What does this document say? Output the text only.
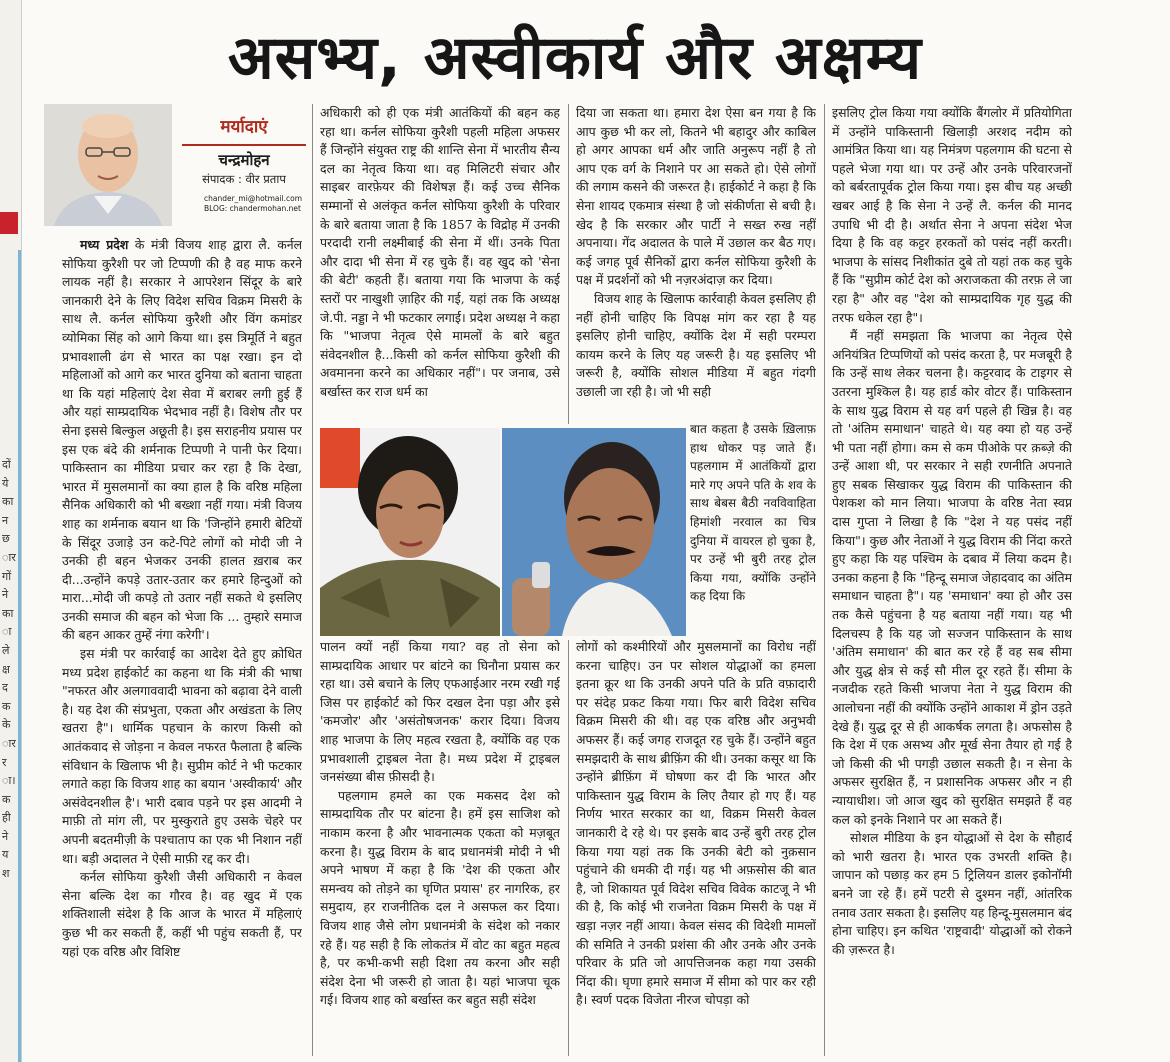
दों
ये
का
न
छ
ार
गों
ने
का
ा
ले
क्ष
द
क
के
ार
र
ा।
क
ही
ने
य
श
असभ्य, अस्वीकार्य और अक्षम्य
मर्यादाएं
चन्द्रमोहन
संपादक : वीर प्रताप
chander_mi@hotmail.com
BLOG: chandermohan.net

मध्य प्रदेश के मंत्री विजय शाह द्वारा लै. कर्नल सोफिया कुरैशी पर जो टिप्पणी की है वह माफ करने लायक नहीं है। सरकार ने आपरेशन सिंदूर के बारे जानकारी देने के लिए विदेश सचिव विक्रम मिसरी के साथ लै. कर्नल सोफिया कुरैशी और विंग कमांडर व्योमिका सिंह को आगे किया था। इस त्रिमूर्ति ने बहुत प्रभावशाली ढंग से भारत का पक्ष रखा। इन दो महिलाओं को आगे कर भारत दुनिया को बताना चाहता था कि यहां महिलाएं देश सेवा में बराबर लगी हुई हैं और यहां साम्प्रदायिक भेदभाव नहीं है। विशेष तौर पर सेना इससे बिल्कुल अछूती है। इस सराहनीय प्रयास पर इस एक बंदे की शर्मनाक टिप्पणी ने पानी फेर दिया। पाकिस्तान का मीडिया प्रचार कर रहा है कि देखा, भारत में मुसलमानों का क्या हाल है कि वरिष्ठ महिला सैनिक अधिकारी को भी बख्शा नहीं गया। मंत्री विजय शाह का शर्मनाक बयान था कि 'जिन्होंने हमारी बेटियों के सिंदूर उजाड़े उन कटे-पिटे लोगों को मोदी जी ने उनकी ही बहन भेजकर उनकी हालत ख़राब कर दी...उन्होंने कपड़े उतार-उतार कर हमारे हिन्दुओं को मारा...मोदी जी कपड़े तो उतार नहीं सकते थे इसलिए उनकी समाज की बहन को भेजा कि ... तुम्हारे समाज की बहन आकर तुम्हें नंगा करेगी'।

इस मंत्री पर कार्रवाई का आदेश देते हुए क्रोधित मध्य प्रदेश हाईकोर्ट का कहना था कि मंत्री की भाषा "नफरत और अलगाववादी भावना को बढ़ावा देने वाली है। यह देश की संप्रभुता, एकता और अखंडता के लिए खतरा है"। धार्मिक पहचान के कारण किसी को आतंकवाद से जोड़ना न केवल नफरत फैलाता है बल्कि संविधान के खिलाफ भी है। सुप्रीम कोर्ट ने भी फटकार लगाते कहा कि विजय शाह का बयान 'अस्वीकार्य' और असंवेदनशील है'। भारी दबाव पड़ने पर इस आदमी ने माफ़ी तो मांग ली, पर मुस्कुराते हुए उसके चेहरे पर अपनी बदतमीज़ी के पश्चाताप का एक भी निशान नहीं था। बड़ी अदालत ने ऐसी माफ़ी रद्द कर दी।

कर्नल सोफिया कुरैशी जैसी अधिकारी न केवल सेना बल्कि देश का गौरव है। वह खुद में एक शक्तिशाली संदेश है कि आज के भारत में महिलाएं कुछ भी कर सकती हैं, कहीं भी पहुंच सकती हैं, पर यहां एक वरिष्ठ और विशिष्ट

अधिकारी को ही एक मंत्री आतंकियों की बहन कह रहा था। कर्नल सोफिया कुरैशी पहली महिला अफसर हैं जिन्होंने संयुक्त राष्ट्र की शान्ति सेना में भारतीय सैन्य दल का नेतृत्व किया था। वह मिलिटरी संचार और साइबर वारफ़ेयर की विशेषज्ञ हैं। कई उच्च सैनिक सम्मानों से अलंकृत कर्नल सोफिया कुरैशी के परिवार के बारे बताया जाता है कि 1857 के विद्रोह में उनकी परदादी रानी लक्ष्मीबाई की सेना में थीं। उनके पिता और दादा भी सेना में रह चुके हैं। वह खुद को 'सेना की बेटी' कहती हैं। बताया गया कि भाजपा के कई स्तरों पर नाखुशी ज़ाहिर की गई, यहां तक कि अध्यक्ष जे.पी. नड्डा ने भी फटकार लगाई। प्रदेश अध्यक्ष ने कहा कि "भाजपा नेतृत्व ऐसे मामलों के बारे बहुत संवेदनशील है...किसी को कर्नल सोफिया कुरैशी की अवमानना करने का अधिकार नहीं"। पर जनाब, उसे बर्खास्त कर राज धर्म का

पालन क्यों नहीं किया गया? वह तो सेना को साम्प्रदायिक आधार पर बांटने का घिनौना प्रयास कर रहा था। उसे बचाने के लिए एफआईआर नरम रखी गई जिस पर हाईकोर्ट को फिर दखल देना पड़ा और इसे 'कमजोर' और 'असंतोषजनक' करार दिया। विजय शाह भाजपा के लिए महत्व रखता है, क्योंकि वह एक प्रभावशाली ट्राइबल नेता है। मध्य प्रदेश में ट्राइबल जनसंख्या बीस फ़ीसदी है।

पहलगाम हमले का एक मकसद देश को साम्प्रदायिक तौर पर बांटना है। हमें इस साजिश को नाकाम करना है और भावनात्मक एकता को मज़बूत करना है। युद्ध विराम के बाद प्रधानमंत्री मोदी ने भी अपने भाषण में कहा है कि 'देश की एकता और समन्वय को तोड़ने का घृणित प्रयास' हर नागरिक, हर समुदाय, हर राजनीतिक दल ने असफल कर दिया। विजय शाह जैसे लोग प्रधानमंत्री के संदेश को नकार रहे हैं। यह सही है कि लोकतंत्र में वोट का बहुत महत्व है, पर कभी-कभी सही दिशा तय करना और सही संदेश देना भी जरूरी हो जाता है। यहां भाजपा चूक गई। विजय शाह को बर्खास्त कर बहुत सही संदेश

दिया जा सकता था। हमारा देश ऐसा बन गया है कि आप कुछ भी कर लो, कितने भी बहादुर और काबिल हो अगर आपका धर्म और जाति अनुरूप नहीं है तो आप एक वर्ग के निशाने पर आ सकते हो। ऐसे लोगों की लगाम कसने की जरूरत है। हाईकोर्ट ने कहा है कि सेना शायद एकमात्र संस्था है जो संकीर्णता से बची है। खेद है कि सरकार और पार्टी ने सख्त रुख नहीं अपनाया। गेंद अदालत के पाले में उछाल कर बैठ गए। कई जगह पूर्व सैनिकों द्वारा कर्नल सोफिया कुरैशी के पक्ष में प्रदर्शनों को भी नज़रअंदाज़ कर दिया।

विजय शाह के खिलाफ कार्रवाही केवल इसलिए ही नहीं होनी चाहिए कि विपक्ष मांग कर रहा है यह इसलिए होनी चाहिए, क्योंकि देश में सही परम्परा कायम करने के लिए यह जरूरी है। यह इसलिए भी जरूरी है, क्योंकि सोशल मीडिया में बहुत गंदगी उछाली जा रही है। जो भी सही

बात कहता है उसके ख़िलाफ़ हाथ धोकर पड़ जाते हैं। पहलगाम में आतंकियों द्वारा मारे गए अपने पति के शव के साथ बेबस बैठी नवविवाहिता हिमांशी नरवाल का चित्र दुनिया में वायरल हो चुका है, पर उन्हें भी बुरी तरह ट्रोल किया गया, क्योंकि उन्होंने कह दिया कि

लोगों को कश्मीरियों और मुसलमानों का विरोध नहीं करना चाहिए। उन पर सोशल योद्धाओं का हमला इतना क्रूर था कि उनकी अपने पति के प्रति वफ़ादारी पर संदेह प्रकट किया गया। फिर बारी विदेश सचिव विक्रम मिसरी की थी। वह एक वरिष्ठ और अनुभवी अफसर हैं। कई जगह राजदूत रह चुके हैं। उन्होंने बहुत समझदारी के साथ ब्रीफ़िंग की थी। उनका कसूर था कि उन्होंने ब्रीफ़िंग में घोषणा कर दी कि भारत और पाकिस्तान युद्ध विराम के लिए तैयार हो गए हैं। यह निर्णय भारत सरकार का था, विक्रम मिसरी केवल जानकारी दे रहे थे। पर इसके बाद उन्हें बुरी तरह ट्रोल किया गया यहां तक कि उनकी बेटी को नुक़सान पहुंचाने की धमकी दी गई। यह भी अफ़सोस की बात है, जो शिकायत पूर्व विदेश सचिव विवेक काटजू ने भी की है, कि कोई भी राजनेता विक्रम मिसरी के पक्ष में खड़ा नज़र नहीं आया। केवल संसद की विदेशी मामलों की समिति ने उनकी प्रशंसा की और उनके और उनके परिवार के प्रति जो आपत्तिजनक कहा गया उसकी निंदा की। घृणा हमारे समाज में सीमा को पार कर रही है। स्वर्ण पदक विजेता नीरज चोपड़ा को

इसलिए ट्रोल किया गया क्योंकि बैंगलोर में प्रतियोगिता में उन्होंने पाकिस्तानी खिलाड़ी अरशद नदीम को आमंत्रित किया था। यह निमंत्रण पहलगाम की घटना से पहले भेजा गया था। पर उन्हें और उनके परिवारजनों को बर्बरतापूर्वक ट्रोल किया गया। इस बीच यह अच्छी खबर आई है कि सेना ने उन्हें लै. कर्नल की मानद उपाधि भी दी है। अर्थात सेना ने अपना संदेश भेज दिया है कि वह कट्टर हरकतों को पसंद नहीं करती। भाजपा के सांसद निशीकांत दुबे तो यहां तक कह चुके हैं कि "सुप्रीम कोर्ट देश को अराजकता की तरफ़ ले जा रहा है" और वह "देश को साम्प्रदायिक गृह युद्ध की तरफ धकेल रहा है"।

मैं नहीं समझता कि भाजपा का नेतृत्व ऐसे अनियंत्रित टिप्पणियों को पसंद करता है, पर मजबूरी है कि उन्हें साथ लेकर चलना है। कट्टरवाद के टाइगर से उतरना मुश्किल है। यह हार्ड कोर वोटर हैं। पाकिस्तान के साथ युद्ध विराम से यह वर्ग पहले ही खिन्न है। वह तो 'अंतिम समाधान' चाहते थे। यह क्या हो यह उन्हें भी पता नहीं होगा। कम से कम पीओके पर क़ब्ज़े की उन्हें आशा थी, पर सरकार ने सही रणनीति अपनाते हुए सबक सिखाकर युद्ध विराम की पाकिस्तान की पेशकश को मान लिया। भाजपा के वरिष्ठ नेता स्वप्न दास गुप्ता ने लिखा है कि "देश ने यह पसंद नहीं किया"। कुछ और नेताओं ने युद्ध विराम की निंदा करते हुए कहा कि यह पश्चिम के दबाव में लिया कदम है। उनका कहना है कि "हिन्दू समाज जेहादवाद का अंतिम समाधान चाहता है"। यह 'समाधान' क्या हो और उस तक कैसे पहुंचना है यह बताया नहीं गया। यह भी दिलचस्प है कि यह जो सज्जन पाकिस्तान के साथ 'अंतिम समाधान' की बात कर रहे हैं वह सब सीमा और युद्ध क्षेत्र से कई सौ मील दूर रहते हैं। सीमा के नजदीक रहते किसी भाजपा नेता ने युद्ध विराम की आलोचना नहीं की क्योंकि उन्होंने आकाश में ड्रोन उड़ते देखे हैं। युद्ध दूर से ही आकर्षक लगता है। अफसोस है कि देश में एक असभ्य और मूर्ख सेना तैयार हो गई है जो किसी की भी पगड़ी उछाल सकती है। न सेना के अफसर सुरक्षित हैं, न प्रशासनिक अफसर और न ही न्यायाधीश। जो आज खुद को सुरक्षित समझते हैं वह कल को इनके निशाने पर आ सकते हैं।

सोशल मीडिया के इन योद्धाओं से देश के सौहार्द को भारी खतरा है। भारत एक उभरती शक्ति है। जापान को पछाड़ कर हम 5 ट्रिलियन डालर इकोनॉमी बनने जा रहे हैं। हमें पटरी से दुश्मन नहीं, आंतरिक तनाव उतार सकता है। इसलिए यह हिन्दू-मुसलमान बंद होना चाहिए। इन कथित 'राष्ट्रवादी' योद्धाओं को रोकने की ज़रूरत है।
